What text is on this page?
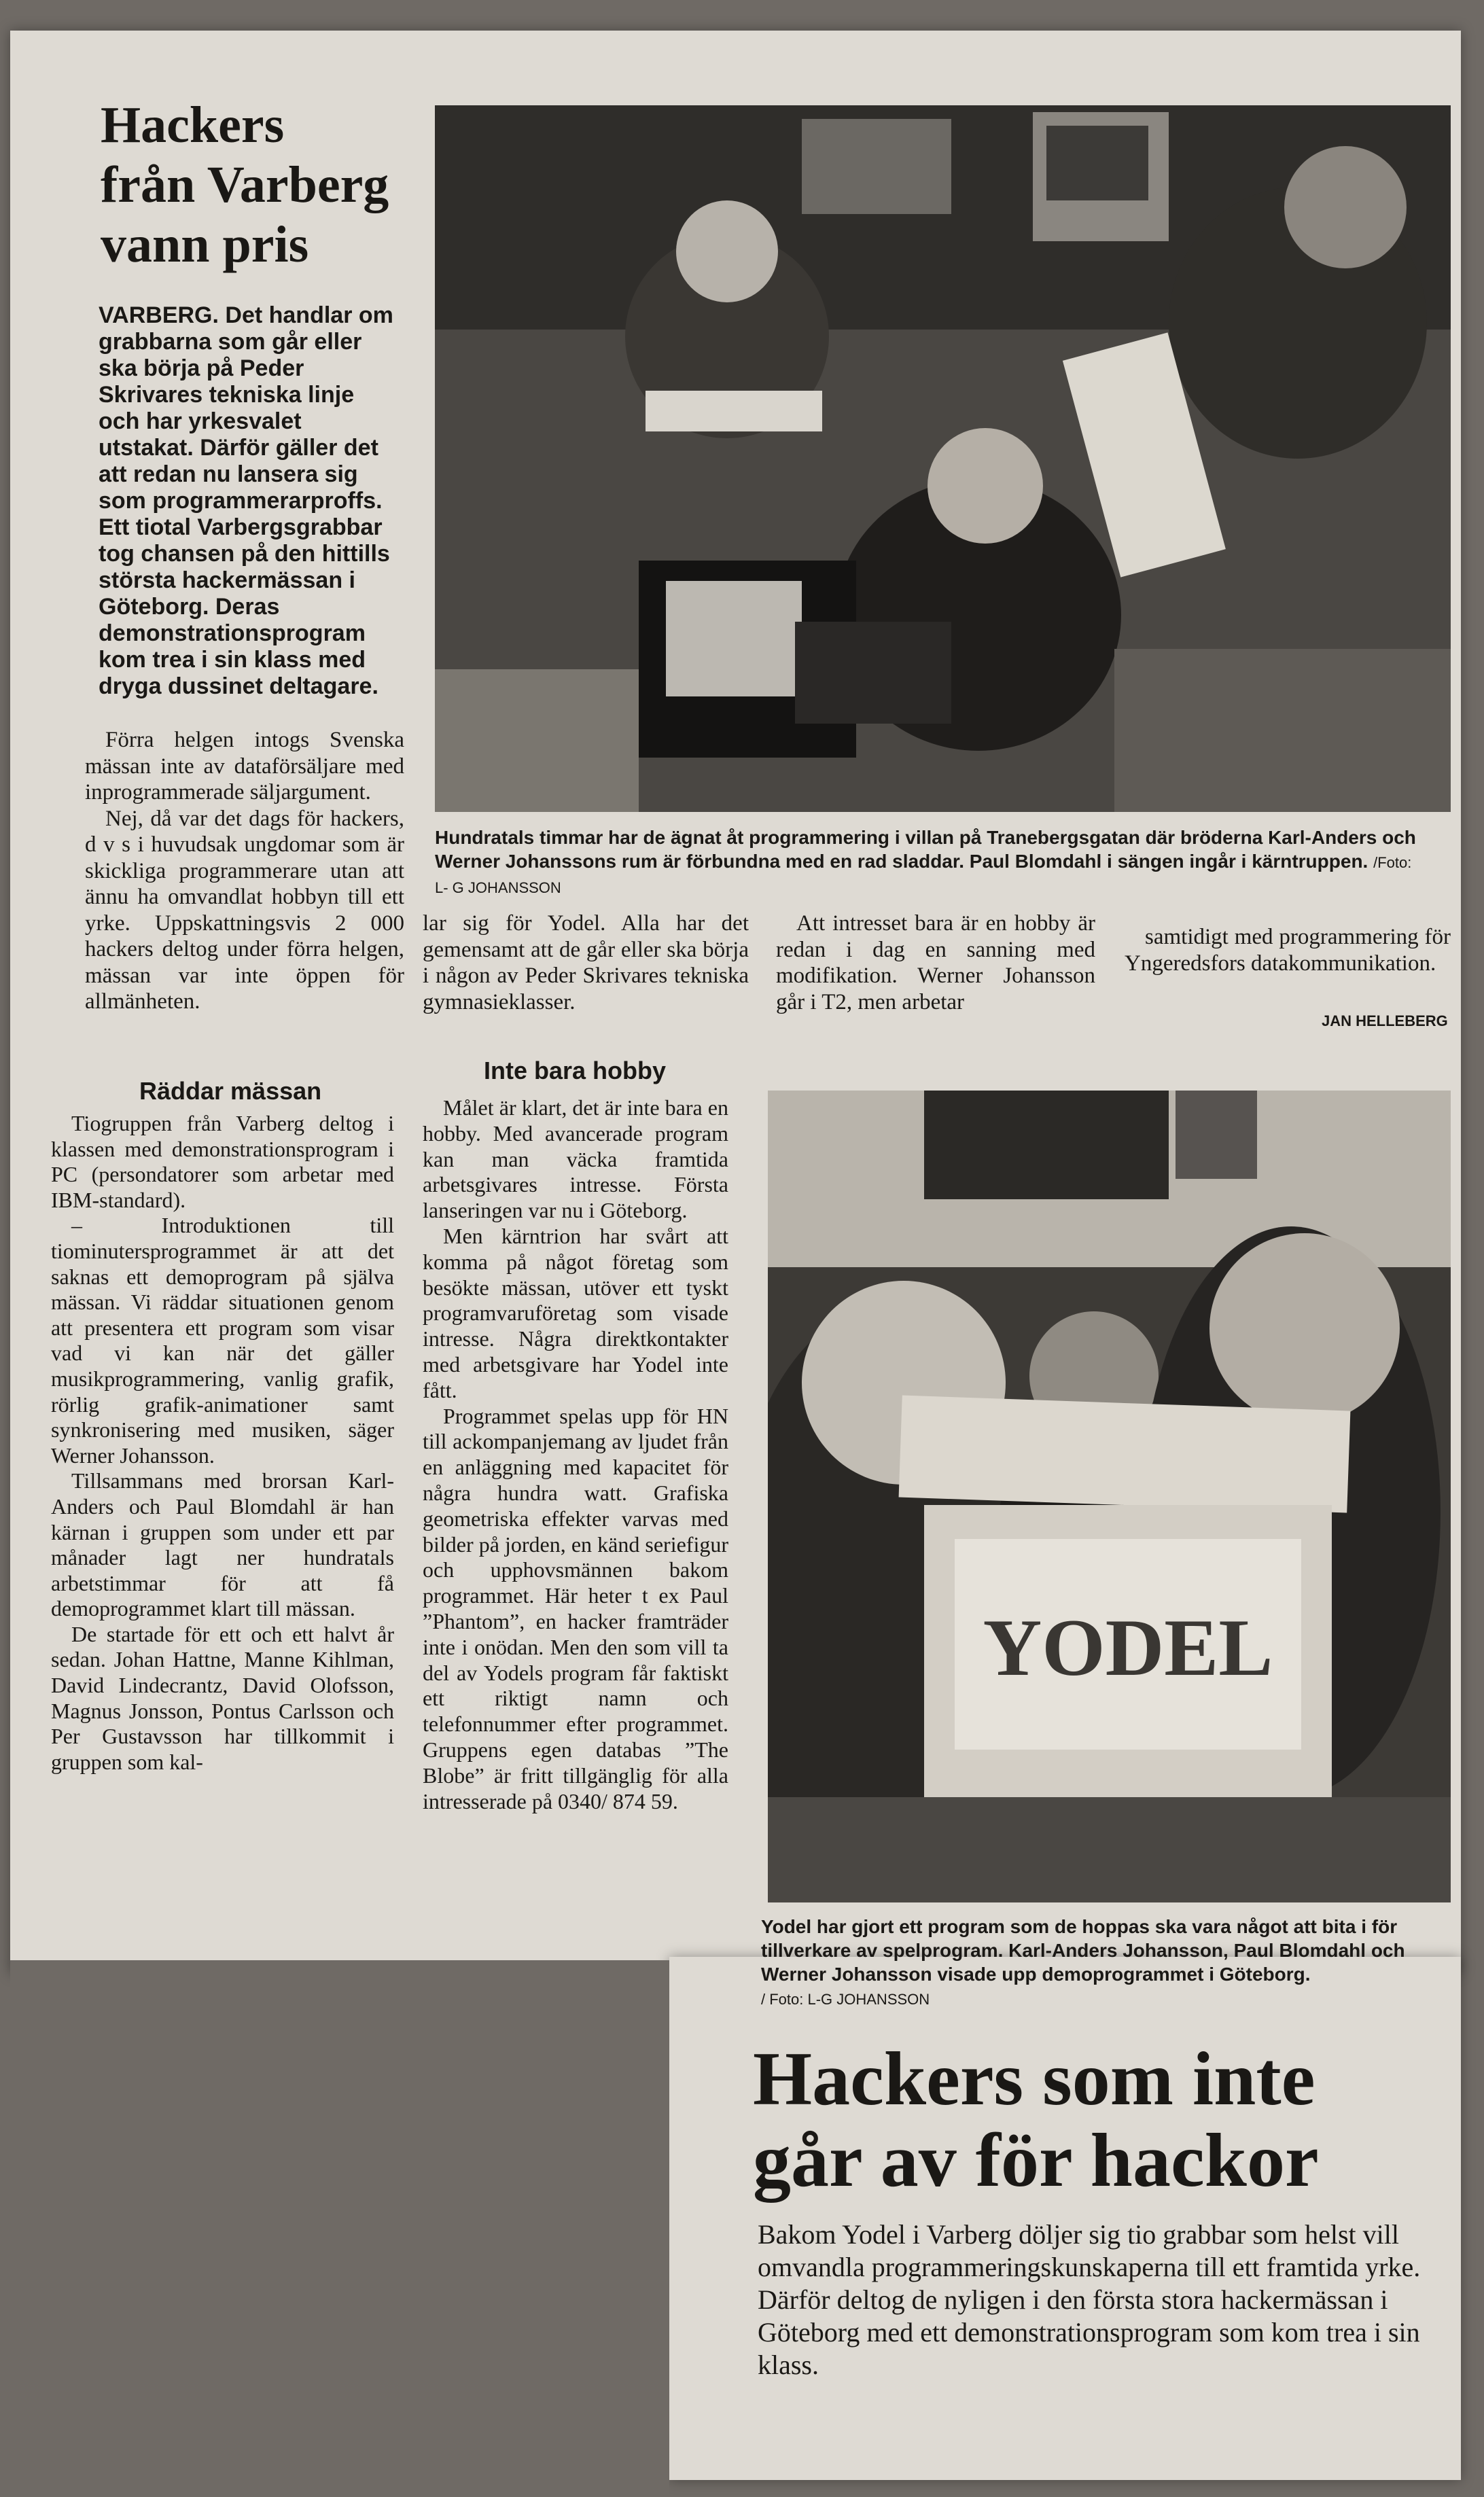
Hackers
från Varberg
vann pris

VARBERG. Det handlar om grabbarna som går eller ska börja på Peder Skrivares tekniska linje och har yrkesvalet utstakat. Därför gäller det att redan nu lansera sig som programmerarproffs. Ett tiotal Varbergsgrabbar tog chansen på den hittills största hackermässan i Göteborg. Deras demonstrationsprogram kom trea i sin klass med dryga dussinet deltagare.

Hundratals timmar har de ägnat åt programmering i villan på Tranebergsgatan där bröderna Karl-Anders och Werner Johanssons rum är förbundna med en rad sladdar. Paul Blomdahl i sängen ingår i kärntruppen. /Foto: L- G JOHANSSON

Förra helgen intogs Svenska mässan inte av dataförsäljare med inprogrammerade säljargument.

Nej, då var det dags för hackers, d v s i huvudsak ungdomar som är skickliga programmerare utan att ännu ha omvandlat hobbyn till ett yrke. Uppskattningsvis 2 000 hackers deltog under förra helgen, mässan var inte öppen för allmänheten.

Räddar mässan

Tiogruppen från Varberg deltog i klassen med demonstrationsprogram i PC (persondatorer som arbetar med IBM-standard).

– Introduktionen till tiominutersprogrammet är att det saknas ett demoprogram på själva mässan. Vi räddar situationen genom att presentera ett program som visar vad vi kan när det gäller musikprogrammering, vanlig grafik, rörlig grafik-animationer samt synkronisering med musiken, säger Werner Johansson.

Tillsammans med brorsan Karl-Anders och Paul Blomdahl är han kärnan i gruppen som under ett par månader lagt ner hundratals arbetstimmar för att få demoprogrammet klart till mässan.

De startade för ett och ett halvt år sedan. Johan Hattne, Manne Kihlman, David Lindecrantz, David Olofsson, Magnus Jonsson, Pontus Carlsson och Per Gustavsson har tillkommit i gruppen som kal-

lar sig för Yodel. Alla har det gemensamt att de går eller ska börja i någon av Peder Skrivares tekniska gymnasieklasser.

Inte bara hobby

Målet är klart, det är inte bara en hobby. Med avancerade program kan man väcka framtida arbetsgivares intresse. Första lanseringen var nu i Göteborg.

Men kärntrion har svårt att komma på något företag som besökte mässan, utöver ett tyskt programvaruföretag som visade intresse. Några direktkontakter med arbetsgivare har Yodel inte fått.

Programmet spelas upp för HN till ackompanjemang av ljudet från en anläggning med kapacitet för några hundra watt. Grafiska geometriska effekter varvas med bilder på jorden, en känd seriefigur och upphovsmännen bakom programmet. Här heter t ex Paul ”Phantom”, en hacker framträder inte i onödan. Men den som vill ta del av Yodels program får faktiskt ett riktigt namn och telefonnummer efter programmet. Gruppens egen databas ”The Blobe” är fritt tillgänglig för alla intresserade på 0340/ 874 59.

Att intresset bara är en hobby är redan i dag en sanning med modifikation. Werner Johansson går i T2, men arbetar

samtidigt med programmering för Yngeredsfors datakommunikation.

JAN HELLEBERG

YODEL

Yodel har gjort ett program som de hoppas ska vara något att bita i för tillverkare av spelprogram. Karl-Anders Johansson, Paul Blomdahl och Werner Johansson visade upp demoprogrammet i Göteborg.
/ Foto: L-G JOHANSSON

Hackers som inte
går av för hackor

Bakom Yodel i Varberg döljer sig tio grabbar som helst vill omvandla programmeringskunskaperna till ett framtida yrke. Därför deltog de nyligen i den första stora hackermässan i Göteborg med ett demonstrationsprogram som kom trea i sin klass.
